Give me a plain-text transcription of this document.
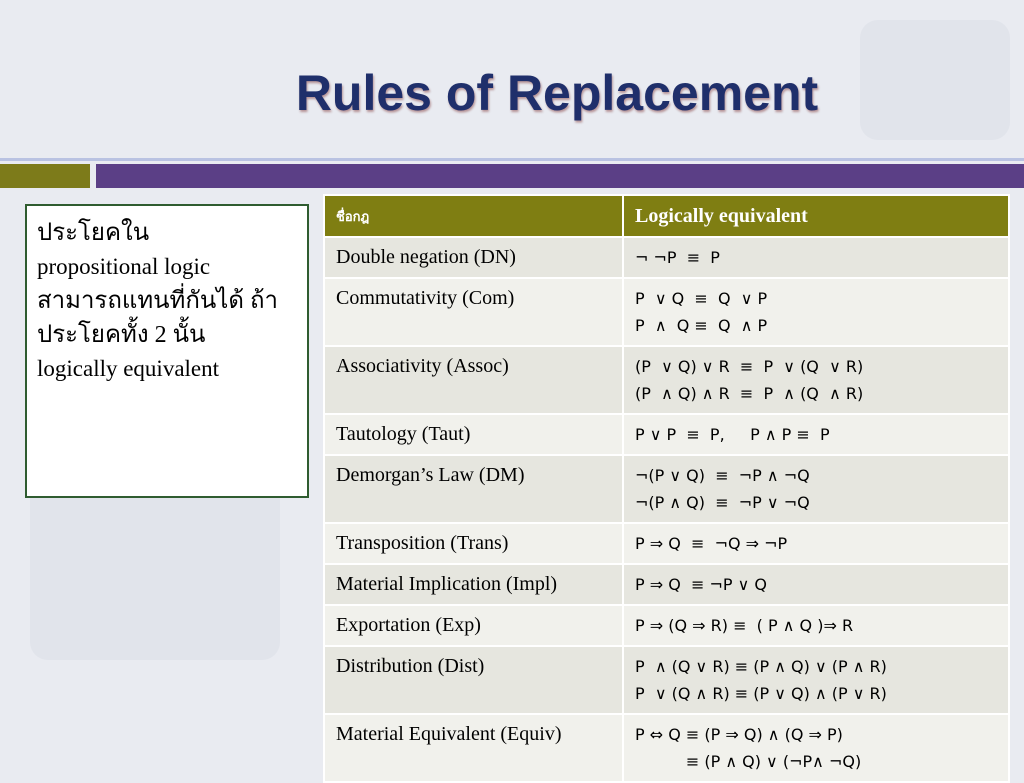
Rules of Replacement
ประโยคใน
propositional logic
สามารถแทนที่กันได้ ถ้า
ประโยคทั้ง 2 นั้น
logically equivalent
ชื่อกฎ	Logically equivalent
Double negation (DN)	¬ ¬P  ≡  P

Commutativity (Com)	P  ∨ Q  ≡  Q  ∨ P
P  ∧  Q ≡  Q  ∧ P

Associativity (Assoc)	(P  ∨ Q) ∨ R  ≡  P  ∨ (Q  ∨ R)
(P  ∧ Q) ∧ R  ≡  P  ∧ (Q  ∧ R)

Tautology (Taut)	P ∨ P  ≡  P,     P ∧ P ≡  P

Demorgan’s Law (DM)	¬(P ∨ Q)  ≡  ¬P ∧ ¬Q
¬(P ∧ Q)  ≡  ¬P ∨ ¬Q

Transposition (Trans)	P ⇒ Q  ≡  ¬Q ⇒ ¬P

Material Implication (Impl)	P ⇒ Q  ≡ ¬P ∨ Q

Exportation (Exp)	P ⇒ (Q ⇒ R) ≡  ( P ∧ Q )⇒ R

Distribution (Dist)	P  ∧ (Q ∨ R) ≡ (P ∧ Q) ∨ (P ∧ R)
P  ∨ (Q ∧ R) ≡ (P ∨ Q) ∧ (P ∨ R)

Material Equivalent (Equiv)	P ⇔ Q ≡ (P ⇒ Q) ∧ (Q ⇒ P)
≡ (P ∧ Q) ∨ (¬P∧ ¬Q)
